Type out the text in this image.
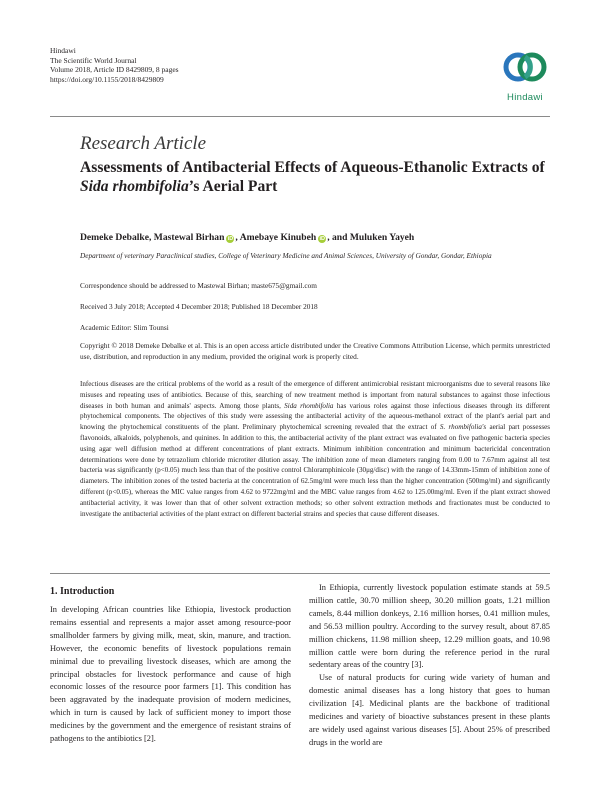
Hindawi
The Scientific World Journal
Volume 2018, Article ID 8429809, 8 pages
https://doi.org/10.1155/2018/8429809
Hindawi
Research Article
Assessments of Antibacterial Effects of Aqueous-Ethanolic Extracts of Sida rhombifolia’s Aerial Part
Demeke Debalke, Mastewal Birhan iD , Amebaye Kinubeh iD , and Muluken Yayeh
Department of veterinary Paraclinical studies, College of Veterinary Medicine and Animal Sciences, University of Gondar, Gondar, Ethiopia
Correspondence should be addressed to Mastewal Birhan; maste675@gmail.com
Received 3 July 2018; Accepted 4 December 2018; Published 18 December 2018
Academic Editor: Slim Tounsi
Copyright © 2018 Demeke Debalke et al. This is an open access article distributed under the Creative Commons Attribution License, which permits unrestricted use, distribution, and reproduction in any medium, provided the original work is properly cited.
Infectious diseases are the critical problems of the world as a result of the emergence of different antimicrobial resistant microorganisms due to several reasons like misuses and repeating uses of antibiotics. Because of this, searching of new treatment method is important from natural substances to against those infectious diseases in both human and animals' aspects. Among those plants, Sida rhombifolia has various roles against those infectious diseases through its different phytochemical components. The objectives of this study were assessing the antibacterial activity of the aqueous-methanol extract of the plant's aerial part and knowing the phytochemical constituents of the plant. Preliminary phytochemical screening revealed that the extract of S. rhombifolia's aerial part possesses flavonoids, alkaloids, polyphenols, and quinines. In addition to this, the antibacterial activity of the plant extract was evaluated on five pathogenic bacteria species using agar well diffusion method at different concentrations of plant extracts. Minimum inhibition concentration and minimum bactericidal concentration determinations were done by tetrazolium chloride microtiter dilution assay. The inhibition zone of mean diameters ranging from 0.00 to 7.67mm against all test bacteria was significantly (p<0.05) much less than that of the positive control Chloramphinicole (30μg/disc) with the range of 14.33mm-15mm of inhibition zone of diameters. The inhibition zones of the tested bacteria at the concentration of 62.5mg/ml were much less than the higher concentration (500mg/ml) and significantly different (p<0.05), whereas the MIC value ranges from 4.62 to 9722mg/ml and the MBC value ranges from 4.62 to 125.00mg/ml. Even if the plant extract showed antibacterial activity, it was lower than that of other solvent extraction methods; so other solvent extraction methods and fractionates must be conducted to investigate the antibacterial activities of the plant extract on different bacterial strains and species that cause different diseases.
1. Introduction

In developing African countries like Ethiopia, livestock production remains essential and represents a major asset among resource-poor smallholder farmers by giving milk, meat, skin, manure, and traction. However, the economic benefits of livestock populations remain minimal due to prevailing livestock diseases, which are among the principal obstacles for livestock performance and cause of high economic losses of the resource poor farmers [1]. This condition has been aggravated by the inadequate provision of modern medicines, which in turn is caused by lack of sufficient money to import those medicines by the government and the emergence of resistant strains of pathogens to the antibiotics [2].

In Ethiopia, currently livestock population estimate stands at 59.5 million cattle, 30.70 million sheep, 30.20 million goats, 1.21 million camels, 8.44 million donkeys, 2.16 million horses, 0.41 million mules, and 56.53 million poultry. According to the survey result, about 87.85 million chickens, 11.98 million sheep, 12.29 million goats, and 10.98 million cattle were born during the reference period in the rural sedentary areas of the country [3].

Use of natural products for curing wide variety of human and domestic animal diseases has a long history that goes to human civilization [4]. Medicinal plants are the backbone of traditional medicines and variety of bioactive substances present in these plants are widely used against various diseases [5]. About 25% of prescribed drugs in the world are
